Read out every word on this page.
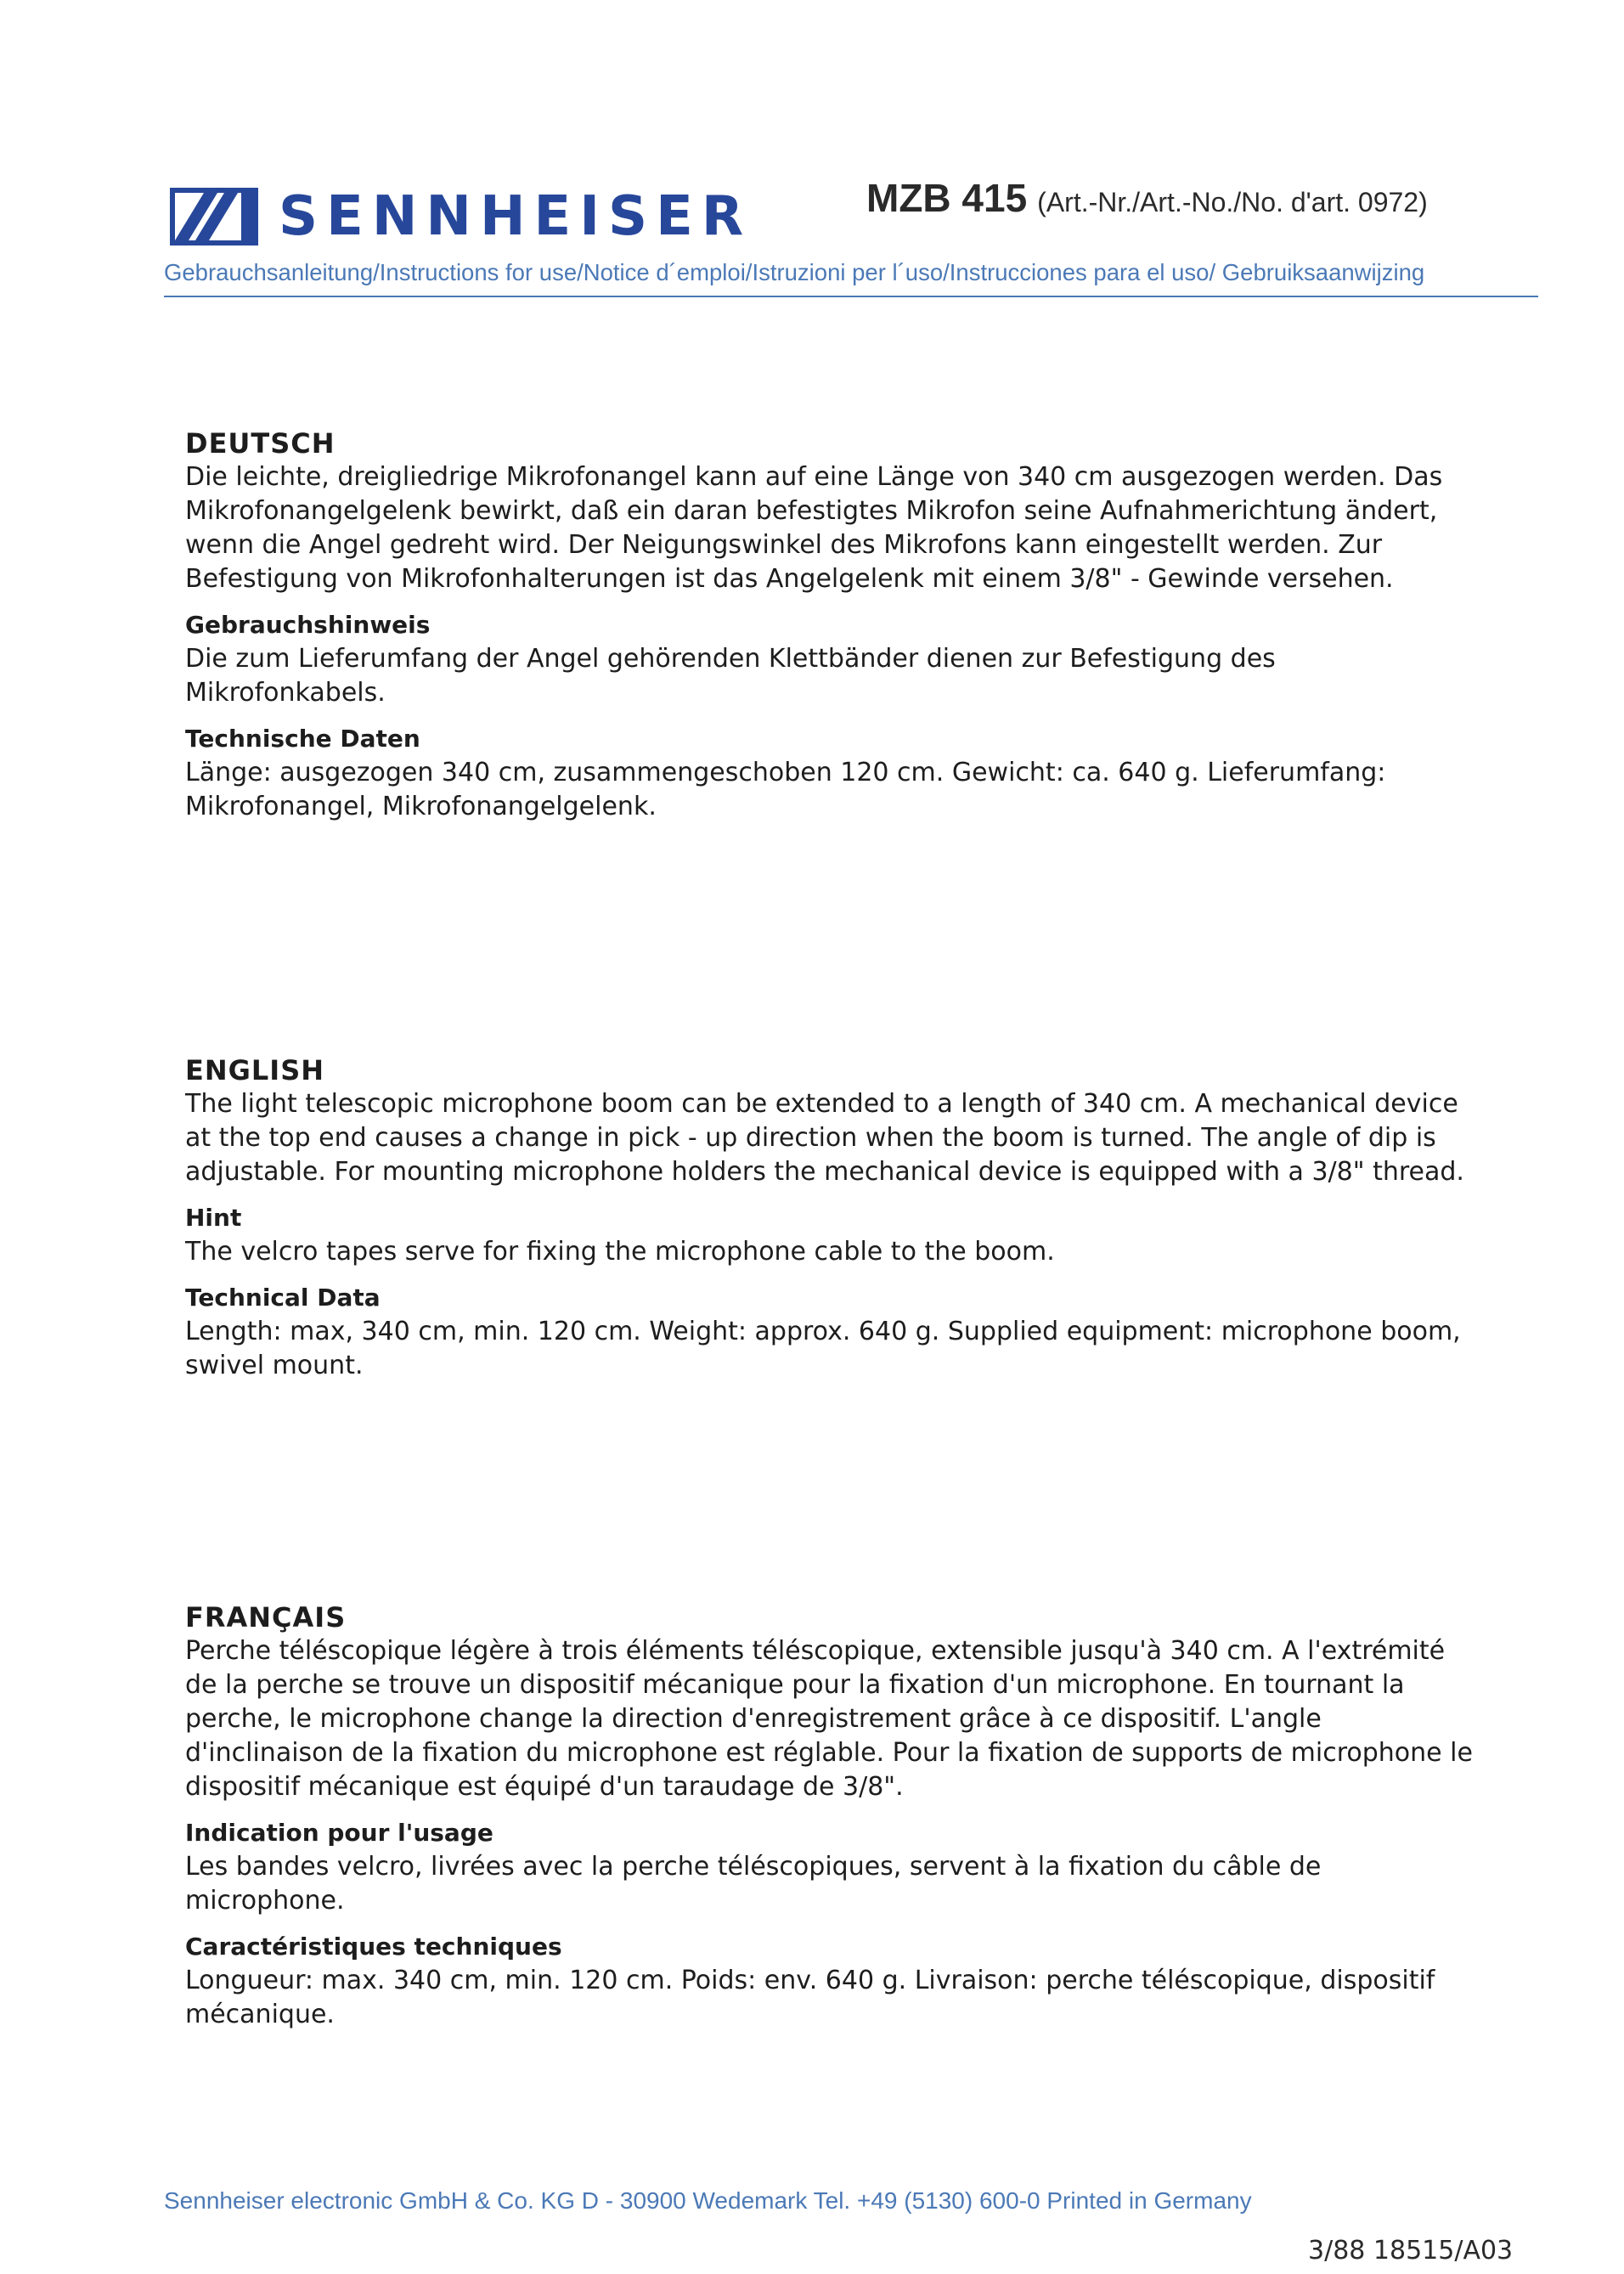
SENNHEISER	MZB 415 (Art.-Nr./Art.-No./No. d'art. 0972)
Gebrauchsanleitung/Instructions for use/Notice d´emploi/Istruzioni per l´uso/Instrucciones para el uso/ Gebruiksaanwijzing

DEUTSCH

Die leichte, dreigliedrige Mikrofonangel kann auf eine Länge von 340 cm ausgezogen werden. Das Mikrofonangelgelenk bewirkt, daß ein daran befestigtes Mikrofon seine Aufnahmerichtung ändert, wenn die Angel gedreht wird. Der Neigungswinkel des Mikrofons kann eingestellt werden. Zur Befestigung von Mikrofonhalterungen ist das Angelgelenk mit einem 3/8" - Gewinde versehen.

Gebrauchshinweis

Die zum Lieferumfang der Angel gehörenden Klettbänder dienen zur Befestigung des Mikrofonkabels.

Technische Daten

Länge: ausgezogen 340 cm, zusammengeschoben 120 cm. Gewicht: ca. 640 g. Lieferumfang: Mikrofonangel, Mikrofonangelgelenk.

ENGLISH

The light telescopic microphone boom can be extended to a length of 340 cm. A mechanical device at the top end causes a change in pick - up direction when the boom is turned. The angle of dip is adjustable. For mounting microphone holders the mechanical device is equipped with a 3/8" thread.

Hint

The velcro tapes serve for fixing the microphone cable to the boom.

Technical Data

Length: max, 340 cm, min. 120 cm. Weight: approx. 640 g. Supplied equipment: microphone boom, swivel mount.

FRANÇAIS

Perche téléscopique légère à trois éléments téléscopique, extensible jusqu'à 340 cm. A l'extrémité de la perche se trouve un dispositif mécanique pour la fixation d'un microphone. En tournant la perche, le microphone change la direction d'enregistrement grâce à ce dispositif. L'angle d'inclinaison de la fixation du microphone est réglable. Pour la fixation de supports de microphone le dispositif mécanique est équipé d'un taraudage de 3/8".

Indication pour l'usage

Les bandes velcro, livrées avec la perche téléscopiques, servent à la fixation du câble de microphone.

Caractéristiques techniques

Longueur: max. 340 cm, min. 120 cm. Poids: env. 640 g. Livraison: perche téléscopique, dispositif mécanique.

Sennheiser electronic GmbH & Co. KG D - 30900 Wedemark Tel. +49 (5130) 600-0 Printed in Germany
3/88 18515/A03
